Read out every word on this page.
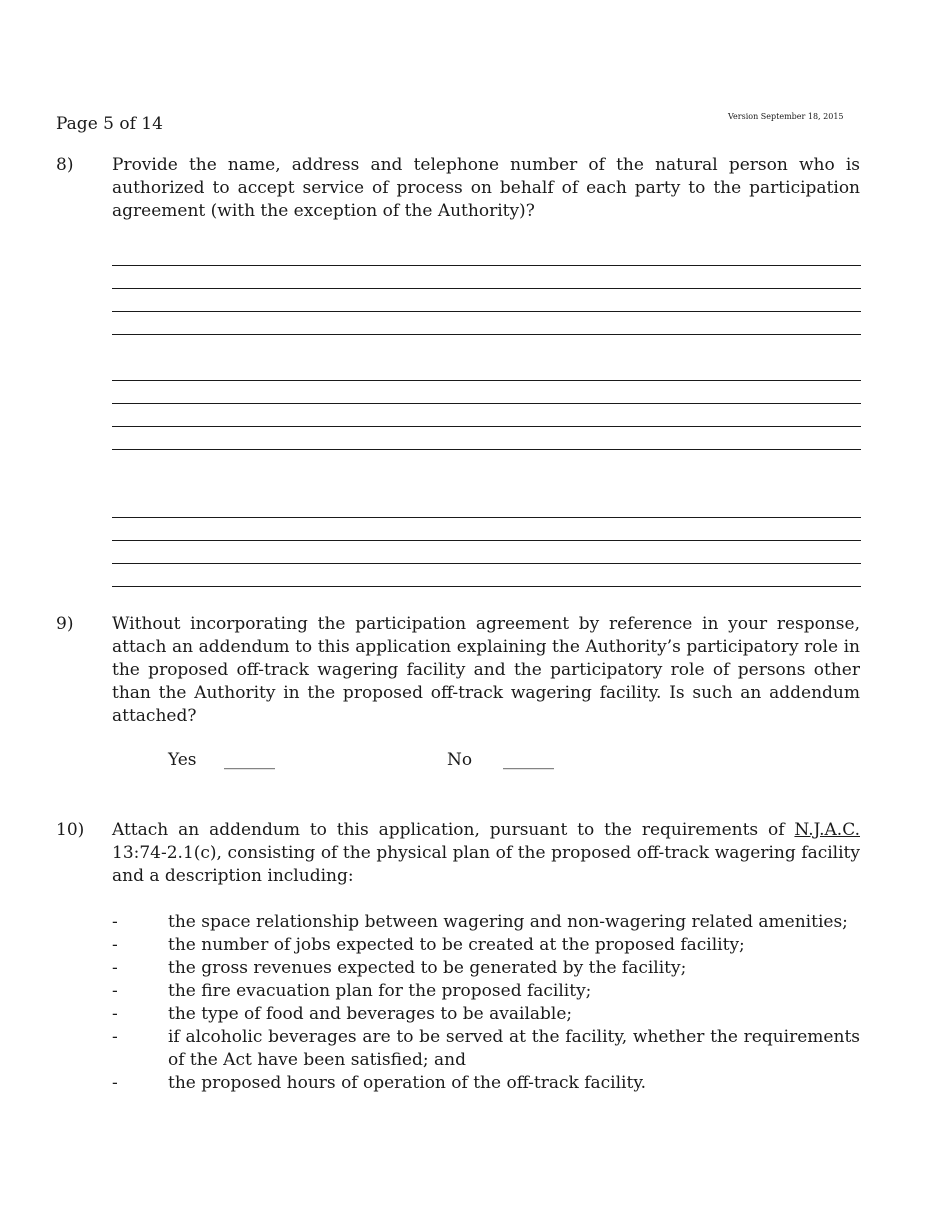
Page 5 of 14	Version September 18, 2015
8) Provide the name, address and telephone number of the natural person who is authorized to accept service of process on behalf of each party to the participation agreement (with the exception of the Authority)?

9) Without incorporating the participation agreement by reference in your response, attach an addendum to this application explaining the Authority’s participatory role in the proposed off-track wagering facility and the participatory role of persons other than the Authority in the proposed off-track wagering facility. Is such an addendum attached?

Yes ______	No ______
10) Attach an addendum to this application, pursuant to the requirements of N.J.A.C. 13:74-2.1(c), consisting of the physical plan of the proposed off-track wagering facility and a description including:

-	the space relationship between wagering and non-wagering related amenities;
-	the number of jobs expected to be created at the proposed facility;
-	the gross revenues expected to be generated by the facility;
-	the fire evacuation plan for the proposed facility;
-	the type of food and beverages to be available;
-	if alcoholic beverages are to be served at the facility, whether the requirements of the Act have been satisfied; and
-	the proposed hours of operation of the off-track facility.
